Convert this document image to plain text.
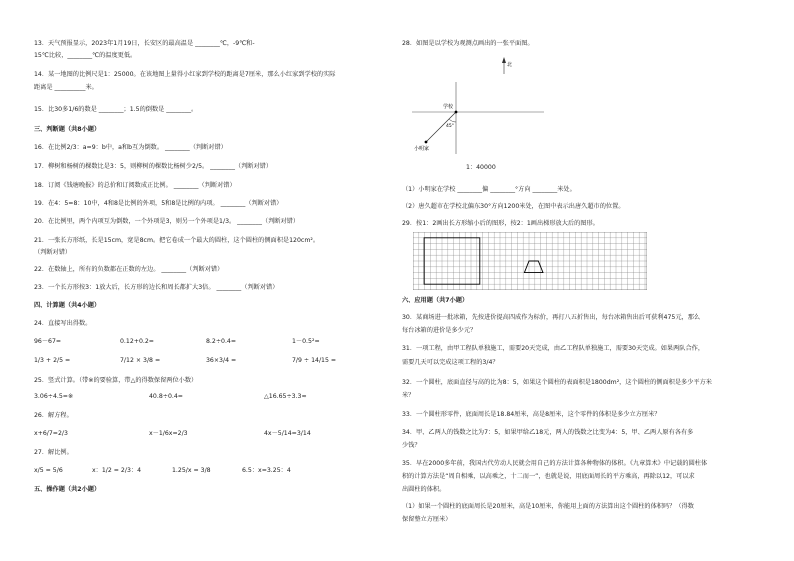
13．天气预报显示，2023年1月19日，长安区的最高温是 ________℃，-9℃和-
15℃比较，________℃的温度更低。
14．某一地图的比例尺是1：25000。在该地图上量得小红家到学校的距离是7厘米，那么小红家到学校的实际
距离是 __________米。
15．比30多1/6的数是 ________；1.5的倒数是 ________。
三、判断题（共8小题）
16．在比例2/3：a=9：b中，a和b互为倒数。 ________（判断对错）
17．柳树和杨树的棵数比是3：5，则柳树的棵数比杨树少2/5。 ________（判断对错）
18．订阅《钱塘晚报》的总价和订阅数成正比例。 ________（判断对错）
19．在4：5=8：10中，4和8是比例的外项，5和8是比例的内项。 ________（判断对错）
20．在比例里，两个内项互为倒数，一个外项是3，则另一个外项是1/3。 ________（判断对错）
21．一张长方形纸，长是15cm，宽是8cm。把它卷成一个最大的圆柱，这个圆柱的侧面积是120cm²。
（判断对错）
22．在数轴上，所有的负数都在正数的左边。 ________（判断对错）
23．一个长方形按3：1放大后，长方形的边长和周长都扩大3倍。 ________（判断对错）
四、计算题（共4小题）
24．直接写出得数。
96－67=	0.12+0.2=	8.2÷0.4=	1－0.5²=
1/3 + 2/5 =	7/12 × 3/8 =	36×3/4 =	7/9 ÷ 14/15 =
25．竖式计算。（带※的要验算，带△的得数保留两位小数）
3.06÷4.5=※	40.8÷0.4=	△16.65÷3.3≈
26．解方程。
x+6/7=2/3	x－1/6x=2/3	4x－5/14=3/14
27．解比例。
x/5 = 5/6	x：1/2 = 2/3：4	1.25/x = 3/8	6.5：x=3.25：4
五、操作题（共2小题）
28．如图是以学校为观测点画出的一张平面图。
北
学校
小明家
45°
1：40000
（1）小明家在学校 ________偏 ________°方向 ________米处。
（2）唐久超市在学校北偏东30°方向1200米处，在图中表示出唐久超市的位置。
29．按1：2画出长方形缩小后的图形，按2：1画出梯形放大后的图形。
六、应用题（共7小题）
30．某商场进一批冰箱，先按进价提高四成作为标价，再打八五折售出，每台冰箱售出后可获利475元，那么
每台冰箱的进价是多少元？
31．一项工程，由甲工程队单独施工，需要20天完成，由乙工程队单独施工，需要30天完成。如果两队合作，
需要几天可以完成这项工程的3/4？
32．一个圆柱，底面直径与高的比为8：5，如果这个圆柱的表面积是1800dm²，这个圆柱的侧面积是多少平方米
米？
33．一个圆柱形零件，底面周长是18.84厘米，高是8厘米，这个零件的体积是多少立方厘米？
34．甲、乙两人的钱数之比为7：5，如果甲给乙18元，两人的钱数之比变为4：5，甲、乙两人原有各有多
少钱？
35．早在2000多年前，我国古代劳动人民就会用自己的方法计算各种物体的体积。《九章算术》中记载的圆柱体
积的计算方法是“周自相乘，以高乘之，十二而一”，也就是说，用底面周长的平方乘高，再除以12，可以求
出圆柱的体积。
（1）如果一个圆柱的底面周长是20厘米，高是10厘米，你能用上面的方法算出这个圆柱的体积吗？（得数
保留整立方厘米）
